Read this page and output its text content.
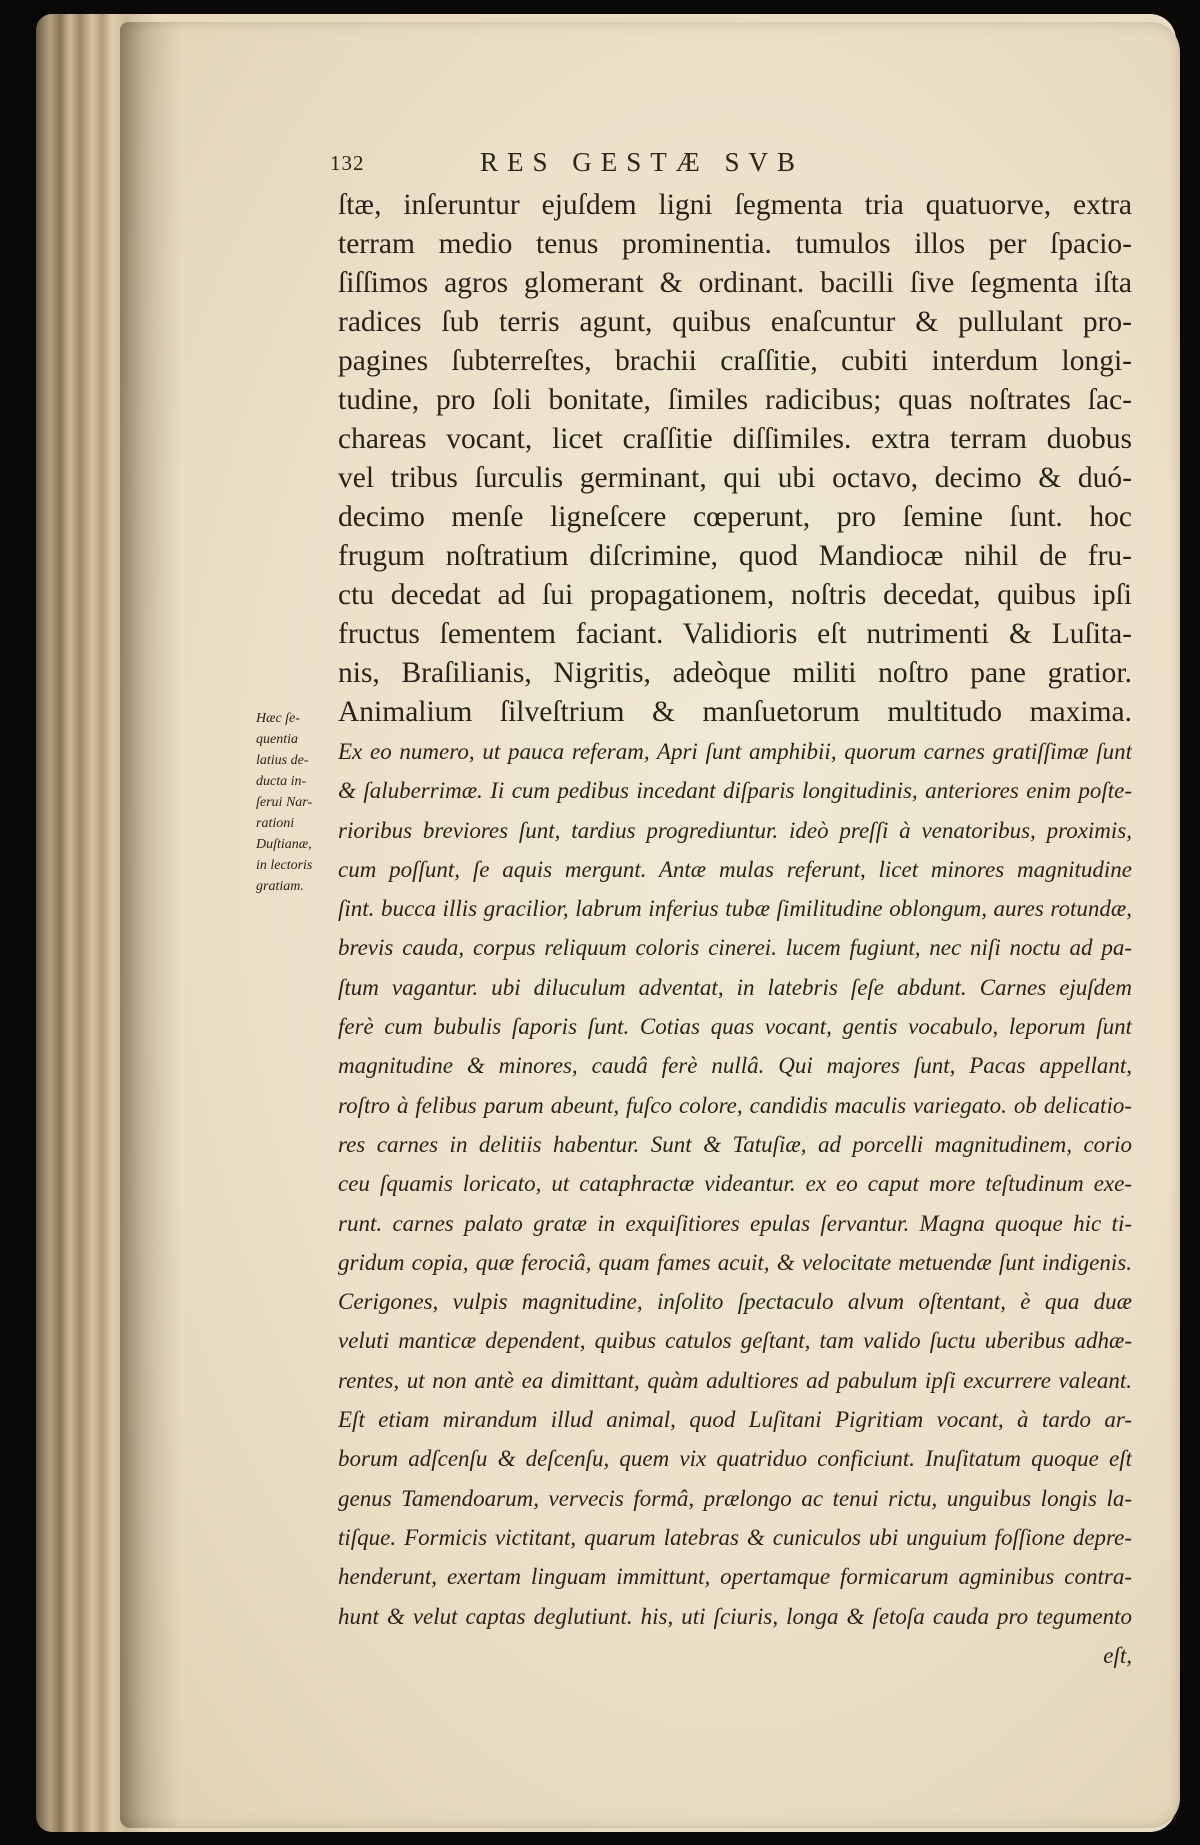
132	RES GESTÆ SVB
Hæc ſe-
quentia
latius de-
ducta in-
ſerui Nar-
rationi
Duſtianæ,
in lectoris
gratiam.
ſtæ, inſeruntur ejuſdem ligni ſegmenta tria quatuorve, extra
terram medio tenus prominentia. tumulos illos per ſpacio-
ſiſſimos agros glomerant & ordinant. bacilli ſive ſegmenta iſta
radices ſub terris agunt, quibus enaſcuntur & pullulant pro-
pagines ſubterreſtes, brachii craſſitie, cubiti interdum longi-
tudine, pro ſoli bonitate, ſimiles radicibus; quas noſtrates ſac-
chareas vocant, licet craſſitie diſſimiles. extra terram duobus
vel tribus ſurculis germinant, qui ubi octavo, decimo & duó-
decimo menſe ligneſcere cœperunt, pro ſemine ſunt. hoc
frugum noſtratium diſcrimine, quod Mandiocæ nihil de fru-
ctu decedat ad ſui propagationem, noſtris decedat, quibus ipſi
fructus ſementem faciant. Validioris eſt nutrimenti & Luſita-
nis, Braſilianis, Nigritis, adeòque militi noſtro pane gratior.
Animalium ſilveſtrium & manſuetorum multitudo maxima.
Ex eo numero, ut pauca referam, Apri ſunt amphibii, quorum carnes gratiſſimæ ſunt
& ſaluberrimæ. Ii cum pedibus incedant diſparis longitudinis, anteriores enim poſte-
rioribus breviores ſunt, tardius progrediuntur. ideò preſſi à venatoribus, proximis,
cum poſſunt, ſe aquis mergunt. Antæ mulas referunt, licet minores magnitudine
ſint. bucca illis gracilior, labrum inferius tubæ ſimilitudine oblongum, aures rotundæ,
brevis cauda, corpus reliquum coloris cinerei. lucem fugiunt, nec niſi noctu ad pa-
ſtum vagantur. ubi diluculum adventat, in latebris ſeſe abdunt. Carnes ejuſdem
ferè cum bubulis ſaporis ſunt. Cotias quas vocant, gentis vocabulo, leporum ſunt
magnitudine & minores, caudâ ferè nullâ. Qui majores ſunt, Pacas appellant,
roſtro à felibus parum abeunt, fuſco colore, candidis maculis variegato. ob delicatio-
res carnes in delitiis habentur. Sunt & Tatuſiæ, ad porcelli magnitudinem, corio
ceu ſquamis loricato, ut cataphractæ videantur. ex eo caput more teſtudinum exe-
runt. carnes palato gratæ in exquiſitiores epulas ſervantur. Magna quoque hic ti-
gridum copia, quæ ferociâ, quam fames acuit, & velocitate metuendæ ſunt indigenis.
Cerigones, vulpis magnitudine, inſolito ſpectaculo alvum oſtentant, è qua duæ
veluti manticæ dependent, quibus catulos geſtant, tam valido ſuctu uberibus adhæ-
rentes, ut non antè ea dimittant, quàm adultiores ad pabulum ipſi excurrere valeant.
Eſt etiam mirandum illud animal, quod Luſitani Pigritiam vocant, à tardo ar-
borum adſcenſu & deſcenſu, quem vix quatriduo conficiunt. Inuſitatum quoque eſt
genus Tamendoarum, vervecis formâ, prælongo ac tenui rictu, unguibus longis la-
tiſque. Formicis victitant, quarum latebras & cuniculos ubi unguium foſſione depre-
henderunt, exertam linguam immittunt, opertamque formicarum agminibus contra-
hunt & velut captas deglutiunt. his, uti ſciuris, longa & ſetoſa cauda pro tegumento
eſt,
